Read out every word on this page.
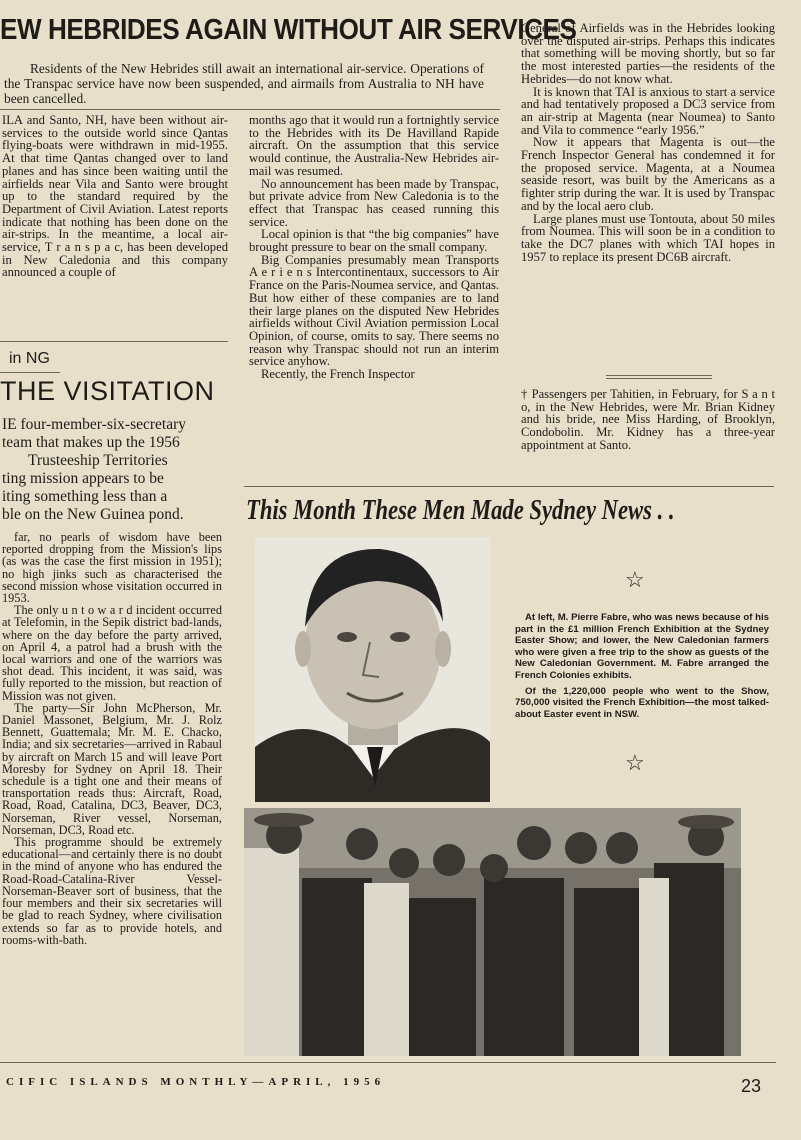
EW HEBRIDES AGAIN WITHOUT AIR SERVICES
Residents of the New Hebrides still await an international air-service. Operations of the Transpac service have now been suspended, and airmails from Australia to NH have been cancelled.

ILA and Santo, NH, have been without air-services to the outside world since Qantas flying-boats were withdrawn in mid-1955. At that time Qantas changed over to land planes and has since been waiting until the airfields near Vila and Santo were brought up to the standard required by the Department of Civil Aviation. Latest reports indicate that nothing has been done on the air-strips. In the meantime, a local air-service, T r a n s p a c, has been developed in New Caledonia and this company announced a couple of

months ago that it would run a fortnightly service to the Hebrides with its De Havilland Rapide aircraft. On the assumption that this service would continue, the Australia-New Hebrides air-mail was resumed.

No announcement has been made by Transpac, but private advice from New Caledonia is to the effect that Transpac has ceased running this service.

Local opinion is that “the big companies” have brought pressure to bear on the small company.

Big Companies presumably mean Transports A e r i e n s Intercontinentaux, successors to Air France on the Paris-Noumea service, and Qantas. But how either of these companies are to land their large planes on the disputed New Hebrides airfields without Civil Aviation permission Local Opinion, of course, omits to say. There seems no reason why Transpac should not run an interim service anyhow.

Recently, the French Inspector

General of Airfields was in the Hebrides looking over the disputed air-strips. Perhaps this indicates that something will be moving shortly, but so far the most interested parties—the residents of the Hebrides—do not know what.

It is known that TAI is anxious to start a service and had tentatively proposed a DC3 service from an air-strip at Magenta (near Noumea) to Santo and Vila to commence “early 1956.”

Now it appears that Magenta is out—the French Inspector General has condemned it for the proposed service. Magenta, at a Noumea seaside resort, was built by the Americans as a fighter strip during the war. It is used by Transpac and by the local aero club.

Large planes must use Tontouta, about 50 miles from Noumea. This will soon be in a condition to take the DC7 planes with which TAI hopes in 1957 to replace its present DC6B aircraft.

† Passengers per Tahitien, in February, for S a n t o, in the New Hebrides, were Mr. Brian Kidney and his bride, nee Miss Harding, of Brooklyn, Condobolin. Mr. Kidney has a three-year appointment at Santo.

in NG
THE VISITATION

IE four-member-six-secretary

team that makes up the 1956

Trusteeship Territories

ting mission appears to be

iting something less than a

ble on the New Guinea pond.

far, no pearls of wisdom have been reported dropping from the Mission's lips (as was the case the first mission in 1951); no high jinks such as characterised the second mission whose visitation occurred in 1953.

The only u n t o w a r d incident occurred at Telefomin, in the Sepik district bad-lands, where on the day before the party arrived, on April 4, a patrol had a brush with the local warriors and one of the warriors was shot dead. This incident, it was said, was fully reported to the mission, but reaction of Mission was not given.

The party—Sir John McPherson, Mr. Daniel Massonet, Belgium, Mr. J. Rolz Bennett, Guattemala; Mr. M. E. Chacko, India; and six secretaries—arrived in Rabaul by aircraft on March 15 and will leave Port Moresby for Sydney on April 18. Their schedule is a tight one and their means of transportation reads thus: Aircraft, Road, Road, Road, Catalina, DC3, Beaver, DC3, Norseman, River vessel, Norseman, Norseman, DC3, Road etc.

This programme should be extremely educational—and certainly there is no doubt in the mind of anyone who has endured the Road-Road-Catalina-River Vessel-Norseman-Beaver sort of business, that the four members and their six secretaries will be glad to reach Sydney, where civilisation extends so far as to provide hotels, and rooms-with-bath.

This Month These Men Made Sydney News . .
☆
At left, M. Pierre Fabre, who was news because of his part in the £1 million French Exhibition at the Sydney Easter Show; and lower, the New Caledonian farmers who were given a free trip to the show as guests of the New Caledonian Government. M. Fabre arranged the French Colonies exhibits.
Of the 1,220,000 people who went to the Show, 750,000 visited the French Exhibition—the most talked-about Easter event in NSW.
☆
CIFIC ISLANDS MONTHLY—APRIL, 1956	23
